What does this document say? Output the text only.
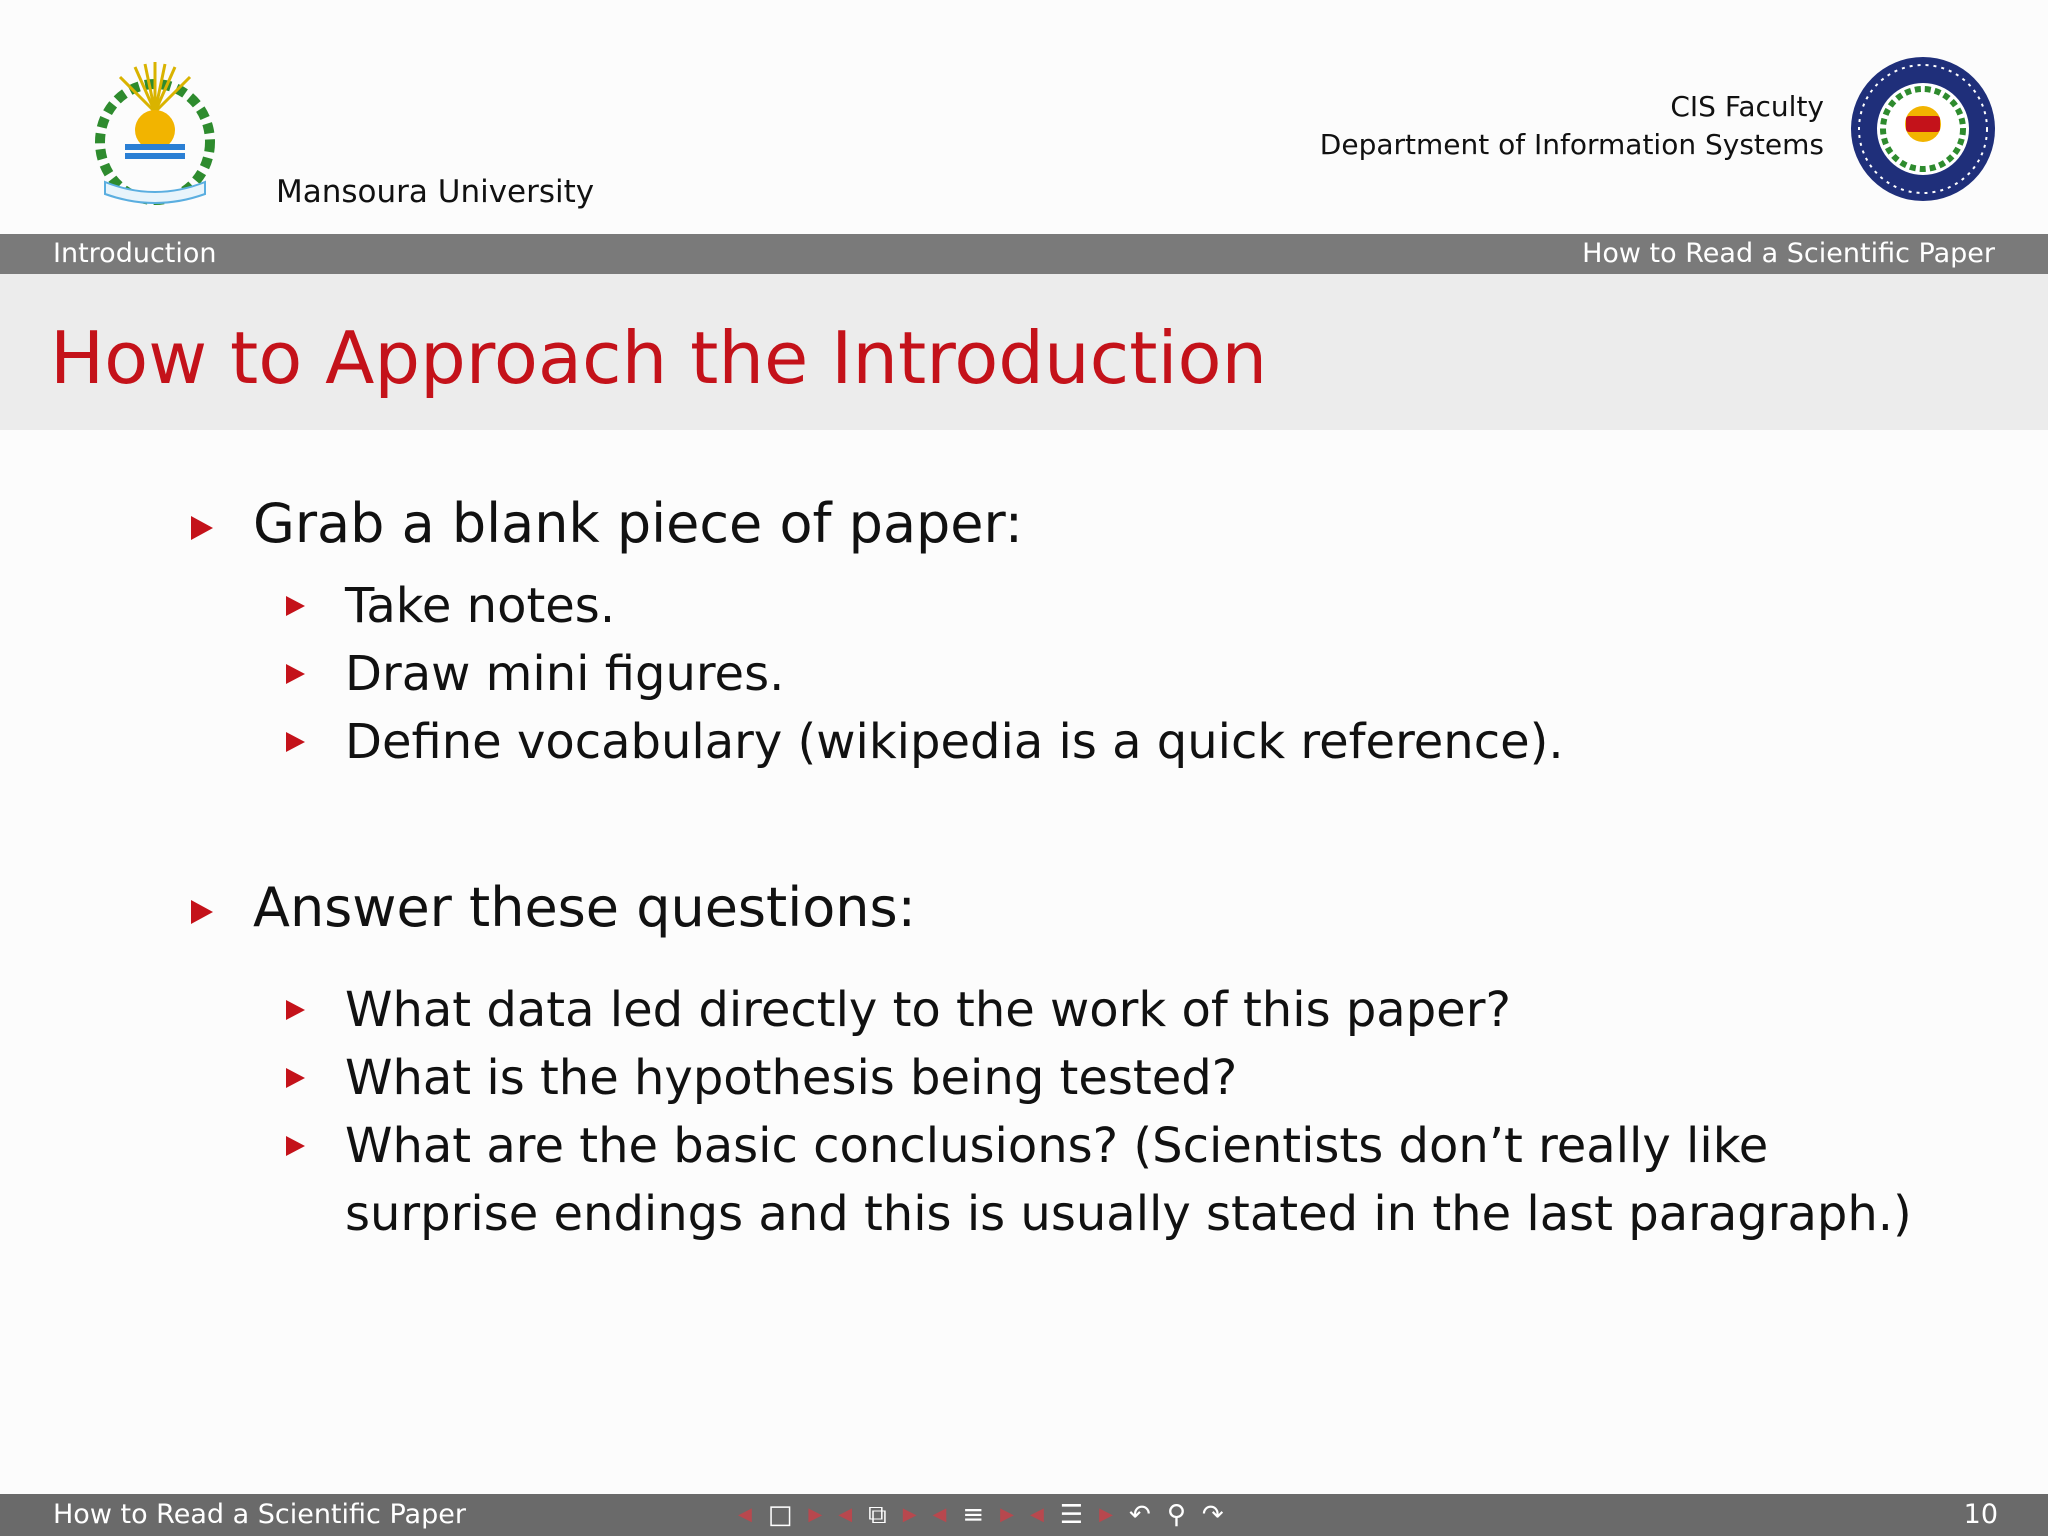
Mansoura University
CIS Faculty
Department of Information Systems
Introduction	How to Read a Scientific Paper
How to Approach the Introduction
Grab a blank piece of paper:
Take notes.
Draw mini figures.
Define vocabulary (wikipedia is a quick reference).
Answer these questions:
What data led directly to the work of this paper?
What is the hypothesis being tested?
What are the basic conclusions? (Scientists don’t really like
surprise endings and this is usually stated in the last paragraph.)
How to Read a Scientific Paper	◀ □ ▶ ◀ ⧉ ▶ ◀ ≡ ▶ ◀ ☰ ▶ ↶ ⚲ ↷	10
